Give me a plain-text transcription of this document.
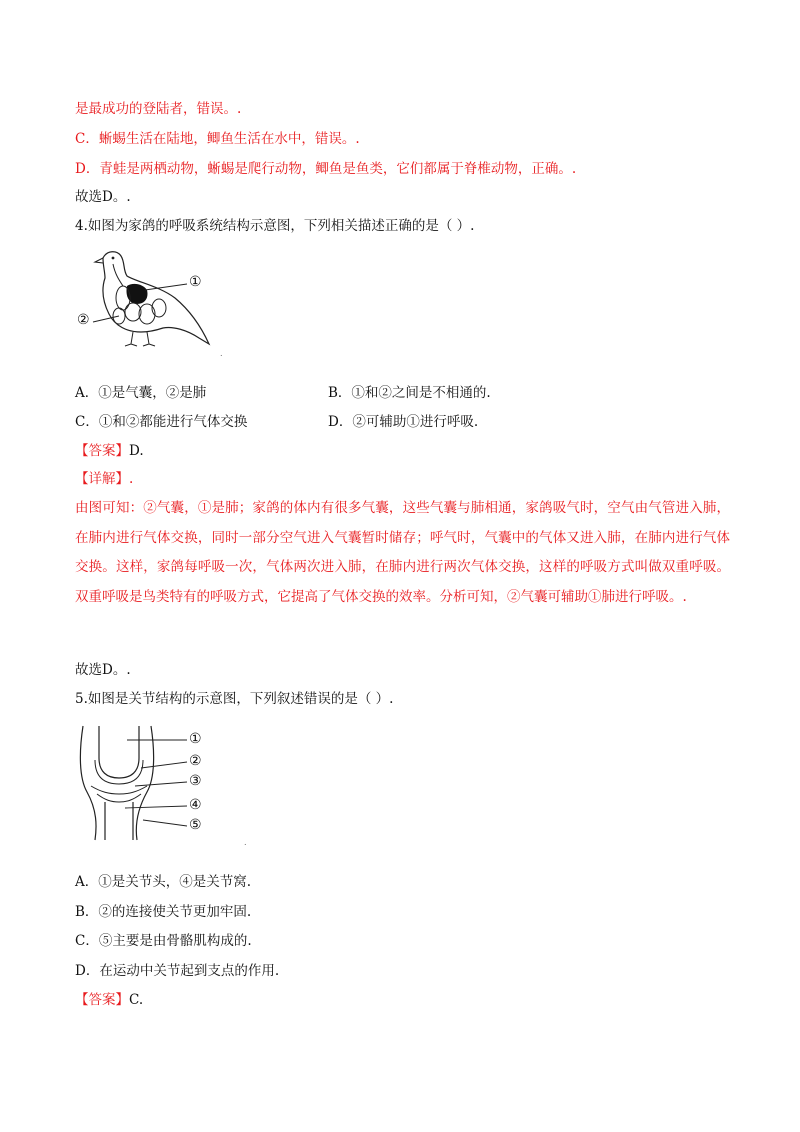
是最成功的登陆者，错误。.
C．蜥蜴生活在陆地，鲫鱼生活在水中，错误。.
D．青蛙是两栖动物，蜥蜴是爬行动物，鲫鱼是鱼类，它们都属于脊椎动物，正确。.
故选D。.
4.如图为家鸽的呼吸系统结构示意图，下列相关描述正确的是（ ）.
①
②
.
A．①是气囊，②是肺	B．①和②之间是不相通的.
C．①和②都能进行气体交换	D．②可辅助①进行呼吸.
【答案】D.
【详解】.
由图可知：②气囊，①是肺；家鸽的体内有很多气囊，这些气囊与肺相通，家鸽吸气时，空气由气管进入肺，在肺内进行气体交换，同时一部分空气进入气囊暂时储存；呼气时，气囊中的气体又进入肺，在肺内进行气体交换。这样，家鸽每呼吸一次，气体两次进入肺，在肺内进行两次气体交换，这样的呼吸方式叫做双重呼吸。双重呼吸是鸟类特有的呼吸方式，它提高了气体交换的效率。分析可知，②气囊可辅助①肺进行呼吸。.
故选D。.
5.如图是关节结构的示意图，下列叙述错误的是（ ）.
①
②
③
④
⑤
.
A．①是关节头，④是关节窝.
B．②的连接使关节更加牢固.
C．⑤主要是由骨骼肌构成的.
D．在运动中关节起到支点的作用.
【答案】C.
